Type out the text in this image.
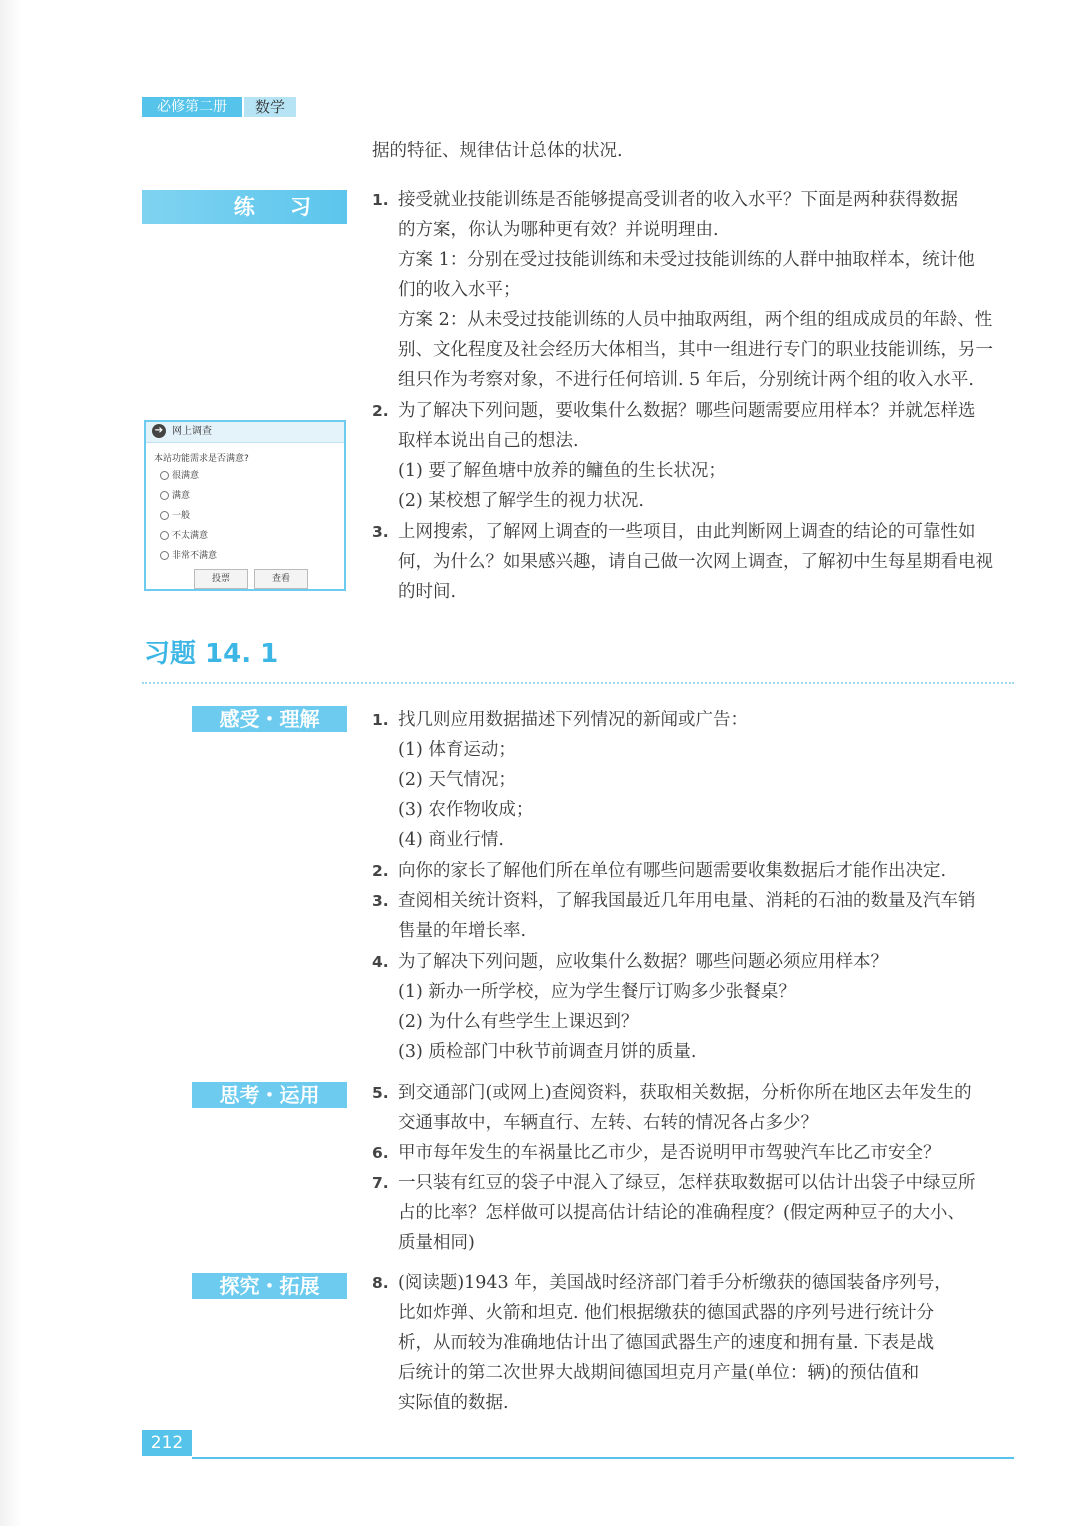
必修第二册	数学
据的特征、规律估计总体的状况.
练 习	1. 接受就业技能训练是否能够提高受训者的收入水平？下面是两种获得数据

的方案，你认为哪种更有效？并说明理由.

方案 1：分别在受过技能训练和未受过技能训练的人群中抽取样本，统计他

们的收入水平；

方案 2：从未受过技能训练的人员中抽取两组，两个组的组成成员的年龄、性

别、文化程度及社会经历大体相当，其中一组进行专门的职业技能训练，另一

组只作为考察对象，不进行任何培训. 5 年后，分别统计两个组的收入水平.

2. 为了解决下列问题，要收集什么数据？哪些问题需要应用样本？并就怎样选

取样本说出自己的想法.

(1) 要了解鱼塘中放养的鳙鱼的生长状况；

(2) 某校想了解学生的视力状况.

3. 上网搜索，了解网上调查的一些项目，由此判断网上调查的结论的可靠性如

何，为什么？如果感兴趣，请自己做一次网上调查，了解初中生每星期看电视

的时间.

➔ 网上调查
本站功能需求是否满意?
很满意
满意
一般
不太满意
非常不满意
投票	查看
习题 14. 1
感受・理解	1. 找几则应用数据描述下列情况的新闻或广告：

(1) 体育运动；

(2) 天气情况；

(3) 农作物收成；

(4) 商业行情.

2. 向你的家长了解他们所在单位有哪些问题需要收集数据后才能作出决定.

3. 查阅相关统计资料，了解我国最近几年用电量、消耗的石油的数量及汽车销

售量的年增长率.

4. 为了解决下列问题，应收集什么数据？哪些问题必须应用样本？

(1) 新办一所学校，应为学生餐厅订购多少张餐桌？

(2) 为什么有些学生上课迟到？

(3) 质检部门中秋节前调查月饼的质量.

思考・运用	5. 到交通部门(或网上)查阅资料，获取相关数据，分析你所在地区去年发生的

交通事故中，车辆直行、左转、右转的情况各占多少？

6. 甲市每年发生的车祸量比乙市少，是否说明甲市驾驶汽车比乙市安全？

7. 一只装有红豆的袋子中混入了绿豆，怎样获取数据可以估计出袋子中绿豆所

占的比率？怎样做可以提高估计结论的准确程度？(假定两种豆子的大小、

质量相同)

探究・拓展	8. (阅读题)1943 年，美国战时经济部门着手分析缴获的德国装备序列号，

比如炸弹、火箭和坦克. 他们根据缴获的德国武器的序列号进行统计分

析，从而较为准确地估计出了德国武器生产的速度和拥有量. 下表是战

后统计的第二次世界大战期间德国坦克月产量(单位：辆)的预估值和

实际值的数据.

212
